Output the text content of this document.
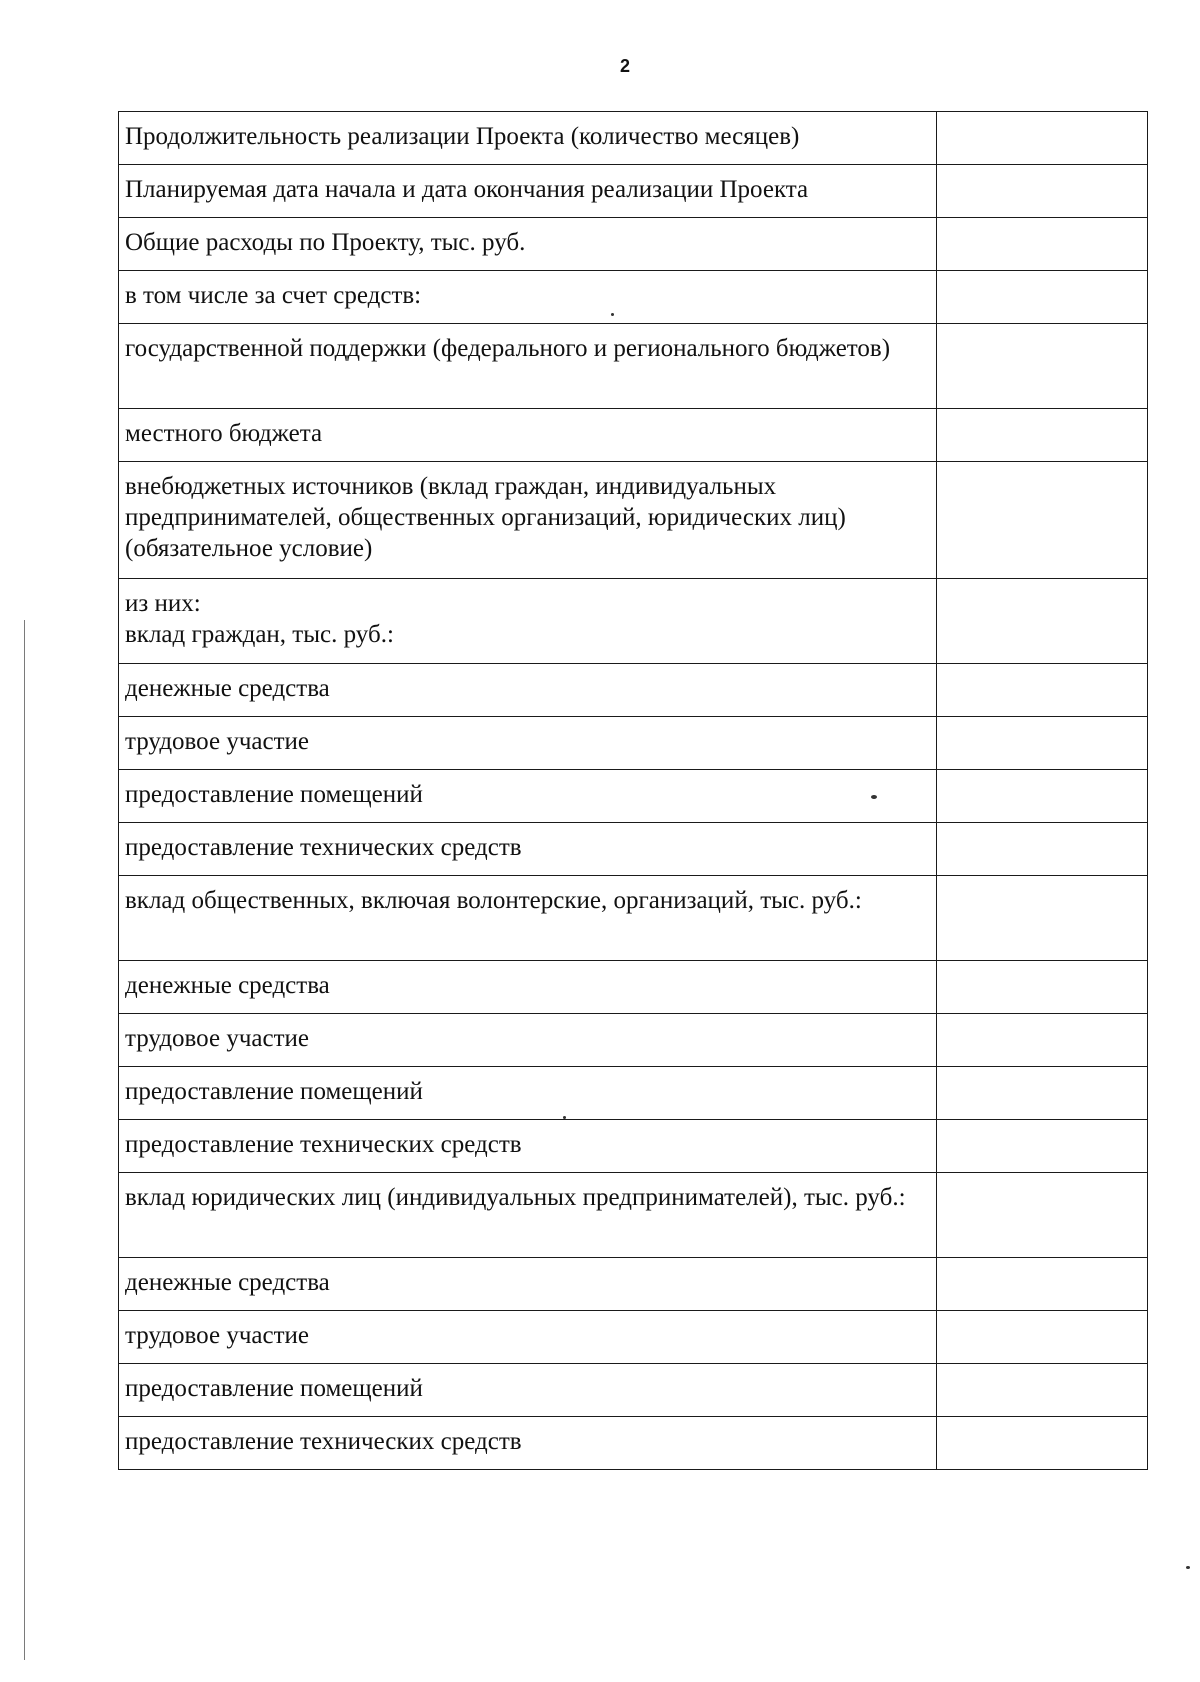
2
Продолжительность реализации Проекта (количество месяцев)	
Планируемая дата начала и дата окончания реализации Проекта	
Общие расходы по Проекту, тыс. руб.	
в том числе за счет средств:	
государственной поддержки (федерального и регионального бюджетов)	
местного бюджета	
внебюджетных источников (вклад граждан, индивидуальных предпринимателей, общественных организаций, юридических лиц) (обязательное условие)	
из них:
вклад граждан, тыс. руб.:	
денежные средства	
трудовое участие	
предоставление помещений	
предоставление технических средств	
вклад общественных, включая волонтерские, организаций, тыс. руб.:	
денежные средства	
трудовое участие	
предоставление помещений	
предоставление технических средств	
вклад юридических лиц (индивидуальных предпринимателей), тыс. руб.:	
денежные средства	
трудовое участие	
предоставление помещений	
предоставление технических средств	
